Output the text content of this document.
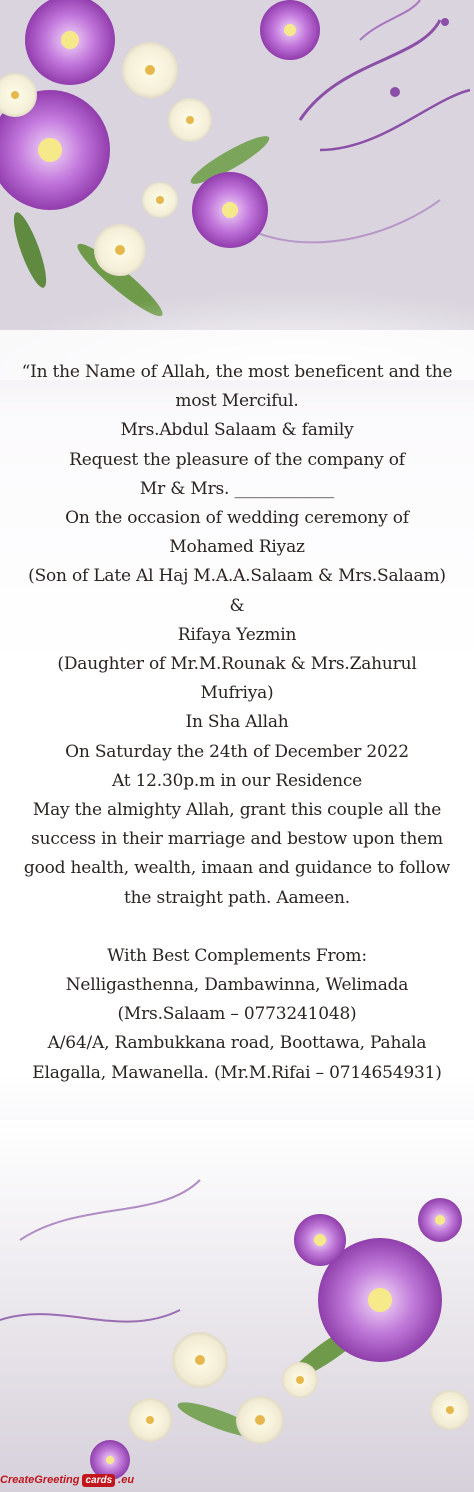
“In the Name of Allah, the most beneficent and the most Merciful.

Mrs.Abdul Salaam & family

Request the pleasure of the company of

Mr & Mrs. ____________

On the occasion of wedding ceremony of

Mohamed Riyaz

(Son of Late Al Haj M.A.A.Salaam & Mrs.Salaam)

&

Rifaya Yezmin

(Daughter of Mr.M.Rounak & Mrs.Zahurul Mufriya)

In Sha Allah

On Saturday the 24th of December 2022

At 12.30p.m in our Residence

May the almighty Allah, grant this couple all the success in their marriage and bestow upon them good health, wealth, imaan and guidance to follow the straight path. Aameen.

With Best Complements From:

Nelligasthenna, Dambawinna, Welimada

(Mrs.Salaam – 0773241048)

A/64/A, Rambukkana road, Boottawa, Pahala Elagalla, Mawanella. (Mr.M.Rifai – 0714654931)

CreateGreeting cards .eu
